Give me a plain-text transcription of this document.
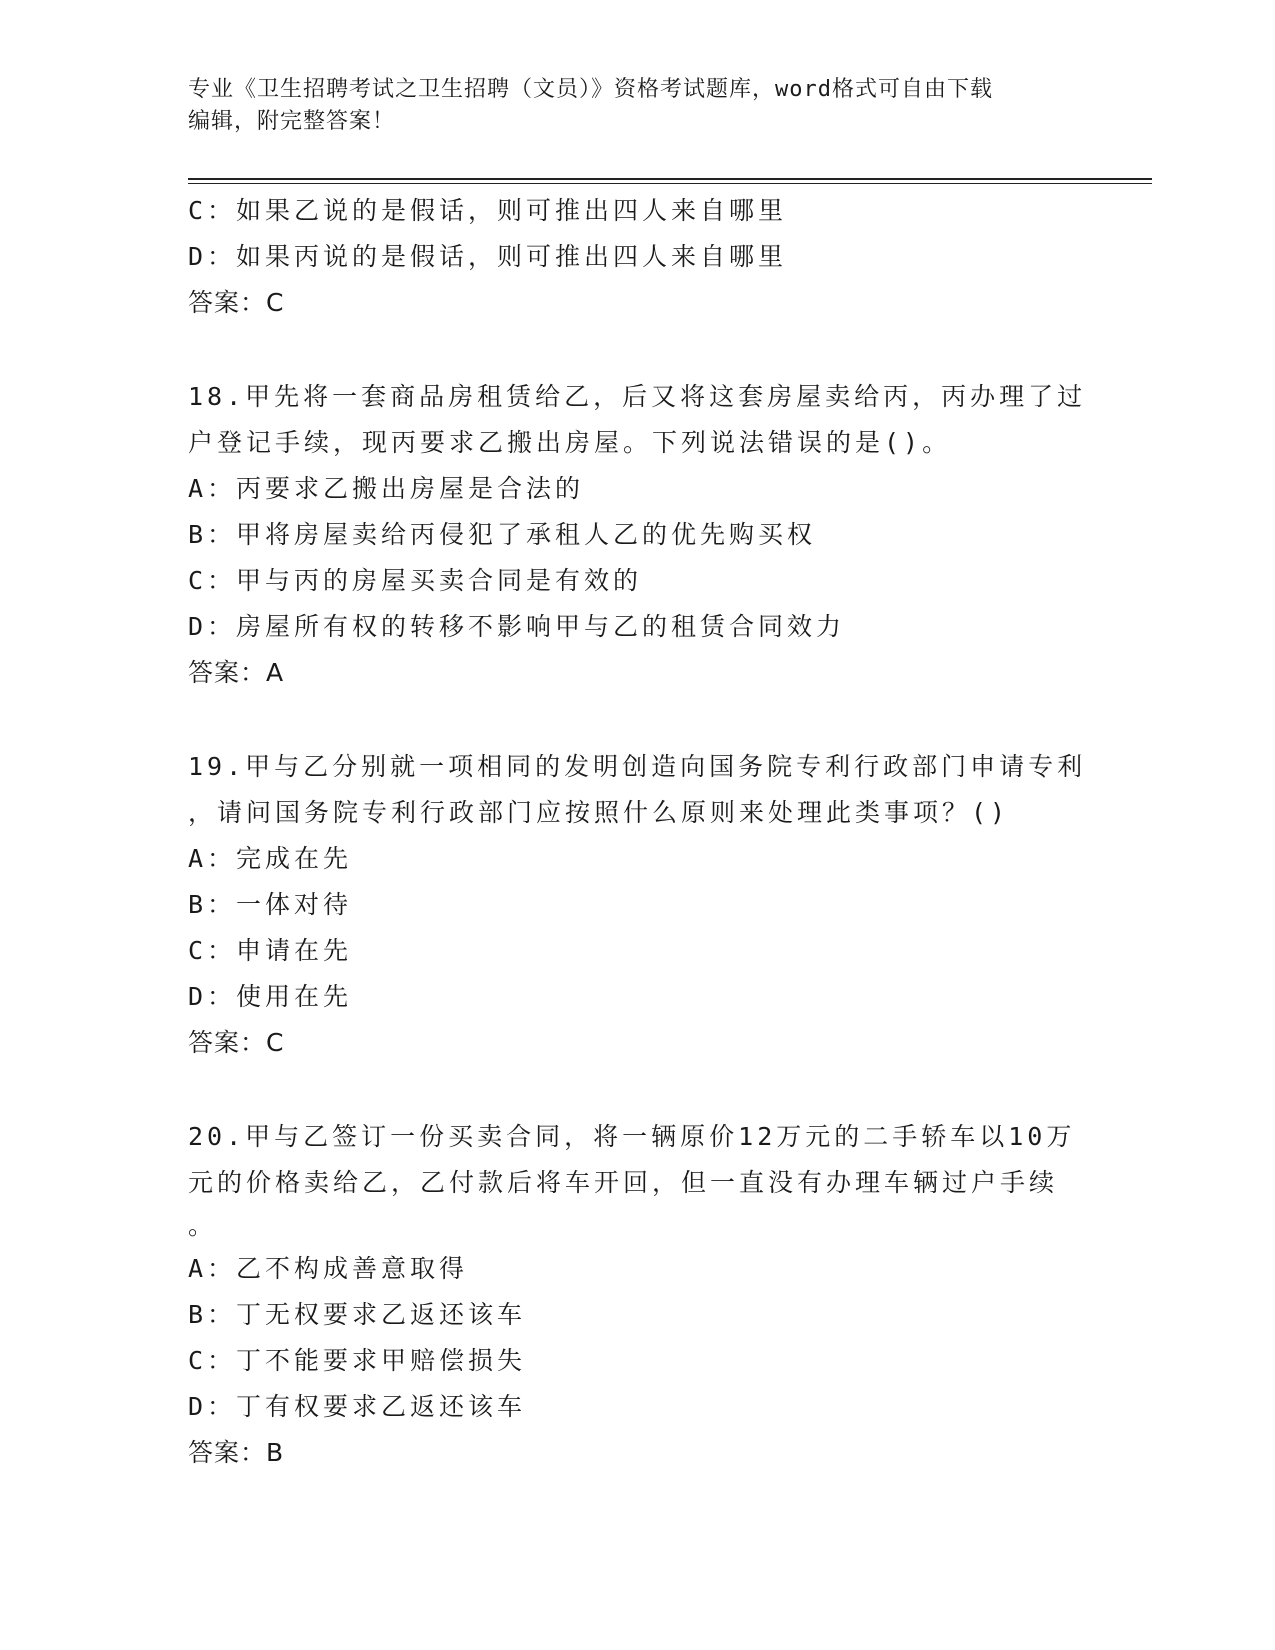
专业《卫生招聘考试之卫生招聘（文员）》资格考试题库，word格式可自由下载
编辑，附完整答案！
C：如果乙说的是假话，则可推出四人来自哪里
D：如果丙说的是假话，则可推出四人来自哪里
答案：C
18.甲先将一套商品房租赁给乙，后又将这套房屋卖给丙，丙办理了过
户登记手续，现丙要求乙搬出房屋。下列说法错误的是()。
A：丙要求乙搬出房屋是合法的
B：甲将房屋卖给丙侵犯了承租人乙的优先购买权
C：甲与丙的房屋买卖合同是有效的
D：房屋所有权的转移不影响甲与乙的租赁合同效力
答案：A
19.甲与乙分别就一项相同的发明创造向国务院专利行政部门申请专利
，请问国务院专利行政部门应按照什么原则来处理此类事项？()
A：完成在先
B：一体对待
C：申请在先
D：使用在先
答案：C
20.甲与乙签订一份买卖合同，将一辆原价12万元的二手轿车以10万
元的价格卖给乙，乙付款后将车开回，但一直没有办理车辆过户手续
。
A：乙不构成善意取得
B：丁无权要求乙返还该车
C：丁不能要求甲赔偿损失
D：丁有权要求乙返还该车
答案：B
